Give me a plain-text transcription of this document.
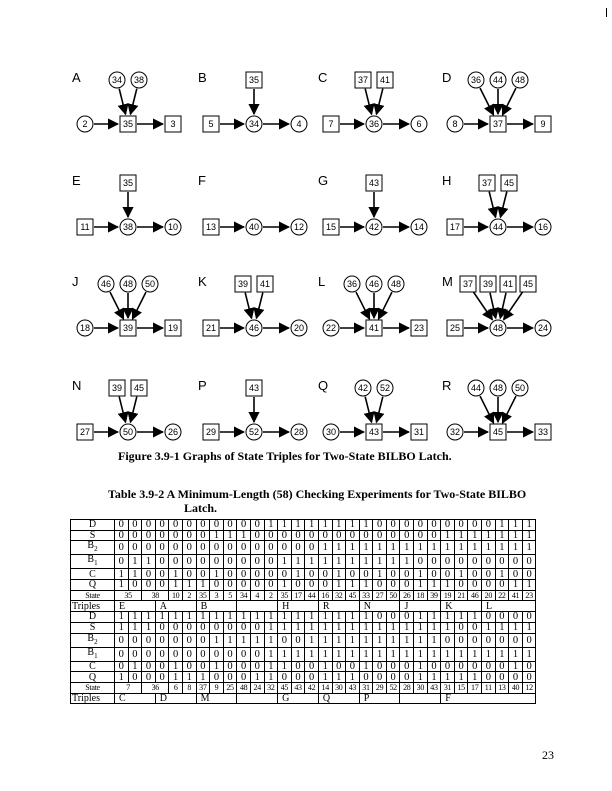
A	34 38
2	35	3
B	35
5	34	4
C	37 41
7	36	6
D 36 44 48
8	37	9
E	35
11	38	10
F
13	40	12
G	43
15	42	14
H	37 45
17	44	16
J 46 48 50
18	39	19
K	39 41
21	46	20
L 36 46 48
22	41	23
M 37 39 41 45
25	48	24
N	39 45
27	50	26
P	43
29	52	28
Q	42 52
30	43	31
R 44 48 50
32	45	33
Figure 3.9-1 Graphs of State Triples for Two-State BILBO Latch.
Table 3.9-2 A Minimum-Length (58) Checking Experiments for Two-State BILBO
Latch.
D	0	0	0	0	0	0	0	0	0	0	0	1	1	1	1	1	1	1	1	0	0	0	0	0	0	0	0	0	1	1	1
S	0	0	0	0	0	0	0	1	1	1	0	0	0	0	0	0	0	0	0	0	0	0	0	0	1	1	1	1	1	1	1
$B_2$	0	0	0	0	0	0	0	0	0	0	0	0	0	0	0	1	1	1	1	1	1	1	1	1	1	1	1	1	1	1	1
$B_1$	0	1	1	0	0	0	0	0	0	0	0	0	1	1	1	1	1	1	1	1	1	1	0	0	0	0	0	0	0	0	0
C	1	1	0	0	1	0	0	1	0	0	0	0	0	1	0	0	1	0	0	1	0	0	1	0	0	1	0	0	1	0	0
Q	1	0	0	0	1	1	1	0	0	0	0	0	1	0	0	0	1	1	1	0	0	0	1	1	1	0	0	0	0	1	1
State	35		38		10	2	35	3	5	34	4	2	35	17	44	16	32	45	33	27	50	26	18	39	19	21	46	20	22	41	23
Triples	E			A			B						H			R			N			J			K			L			
D	1	1	1	1	1	1	1	1	1	1	1	1	1	1	1	1	1	1	1	0	0	0	1	1	1	1	1	0	0	0	0
S	1	1	1	0	0	0	0	0	0	0	0	1	1	1	1	1	1	1	1	1	1	1	1	1	1	0	0	1	1	1	1
$B_2$	0	0	0	0	0	0	0	1	1	1	1	1	0	0	1	1	1	1	1	1	1	1	1	1	0	0	0	0	0	0	0
$B_1$	0	0	0	0	0	0	0	0	0	0	0	1	1	1	1	1	1	1	1	1	1	1	1	1	1	1	1	1	1	1	1
C	0	1	0	0	1	0	0	1	0	0	0	1	1	0	0	1	0	0	1	0	0	0	1	0	0	0	0	0	0	1	0
Q	1	0	0	0	1	1	1	0	0	0	1	1	0	0	0	1	1	1	0	0	0	0	1	1	1	1	1	0	0	0	0
State	7		36		6	8	37	9	25	48	24	32	45	43	42	14	30	43	31	29	52	28	30	43	31	15	17	11	13	40	12
Triples	C			D			M						G			Q			P						F						
23
